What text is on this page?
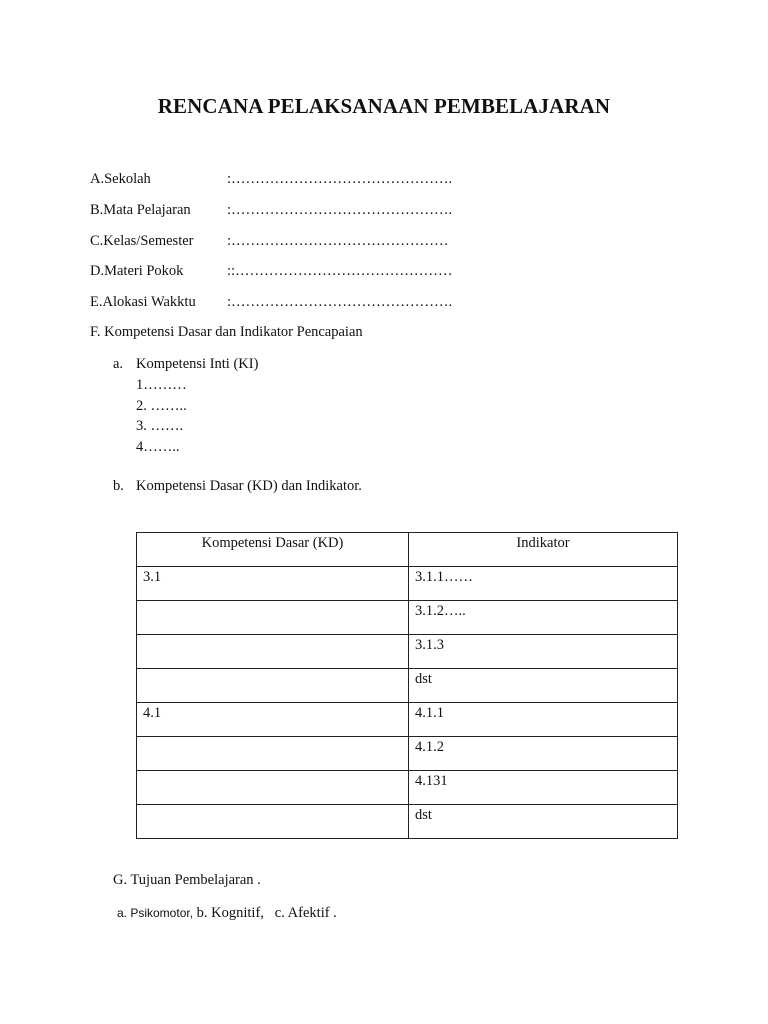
RENCANA PELAKSANAAN PEMBELAJARAN
A.Sekolah	:……………………………………….
B.Mata Pelajaran	:……………………………………….
C.Kelas/Semester :………………………………………
D.Materi Pokok	::………………………………………
E.Alokasi Wakktu :……………………………………….
F. Kompetensi Dasar dan Indikator Pencapaian
a. Kompetensi Inti (KI)
1………
2. ……..
3. …….
4……..
b. Kompetensi Dasar (KD) dan Indikator.
Kompetensi Dasar (KD)	Indikator
3.1	3.1.1……
	3.1.2…..
	3.1.3
	dst
4.1	4.1.1
	4.1.2
	4.131
	dst
G. Tujuan Pembelajaran .
a. Psikomotor, b. Kognitif, c. Afektif .
